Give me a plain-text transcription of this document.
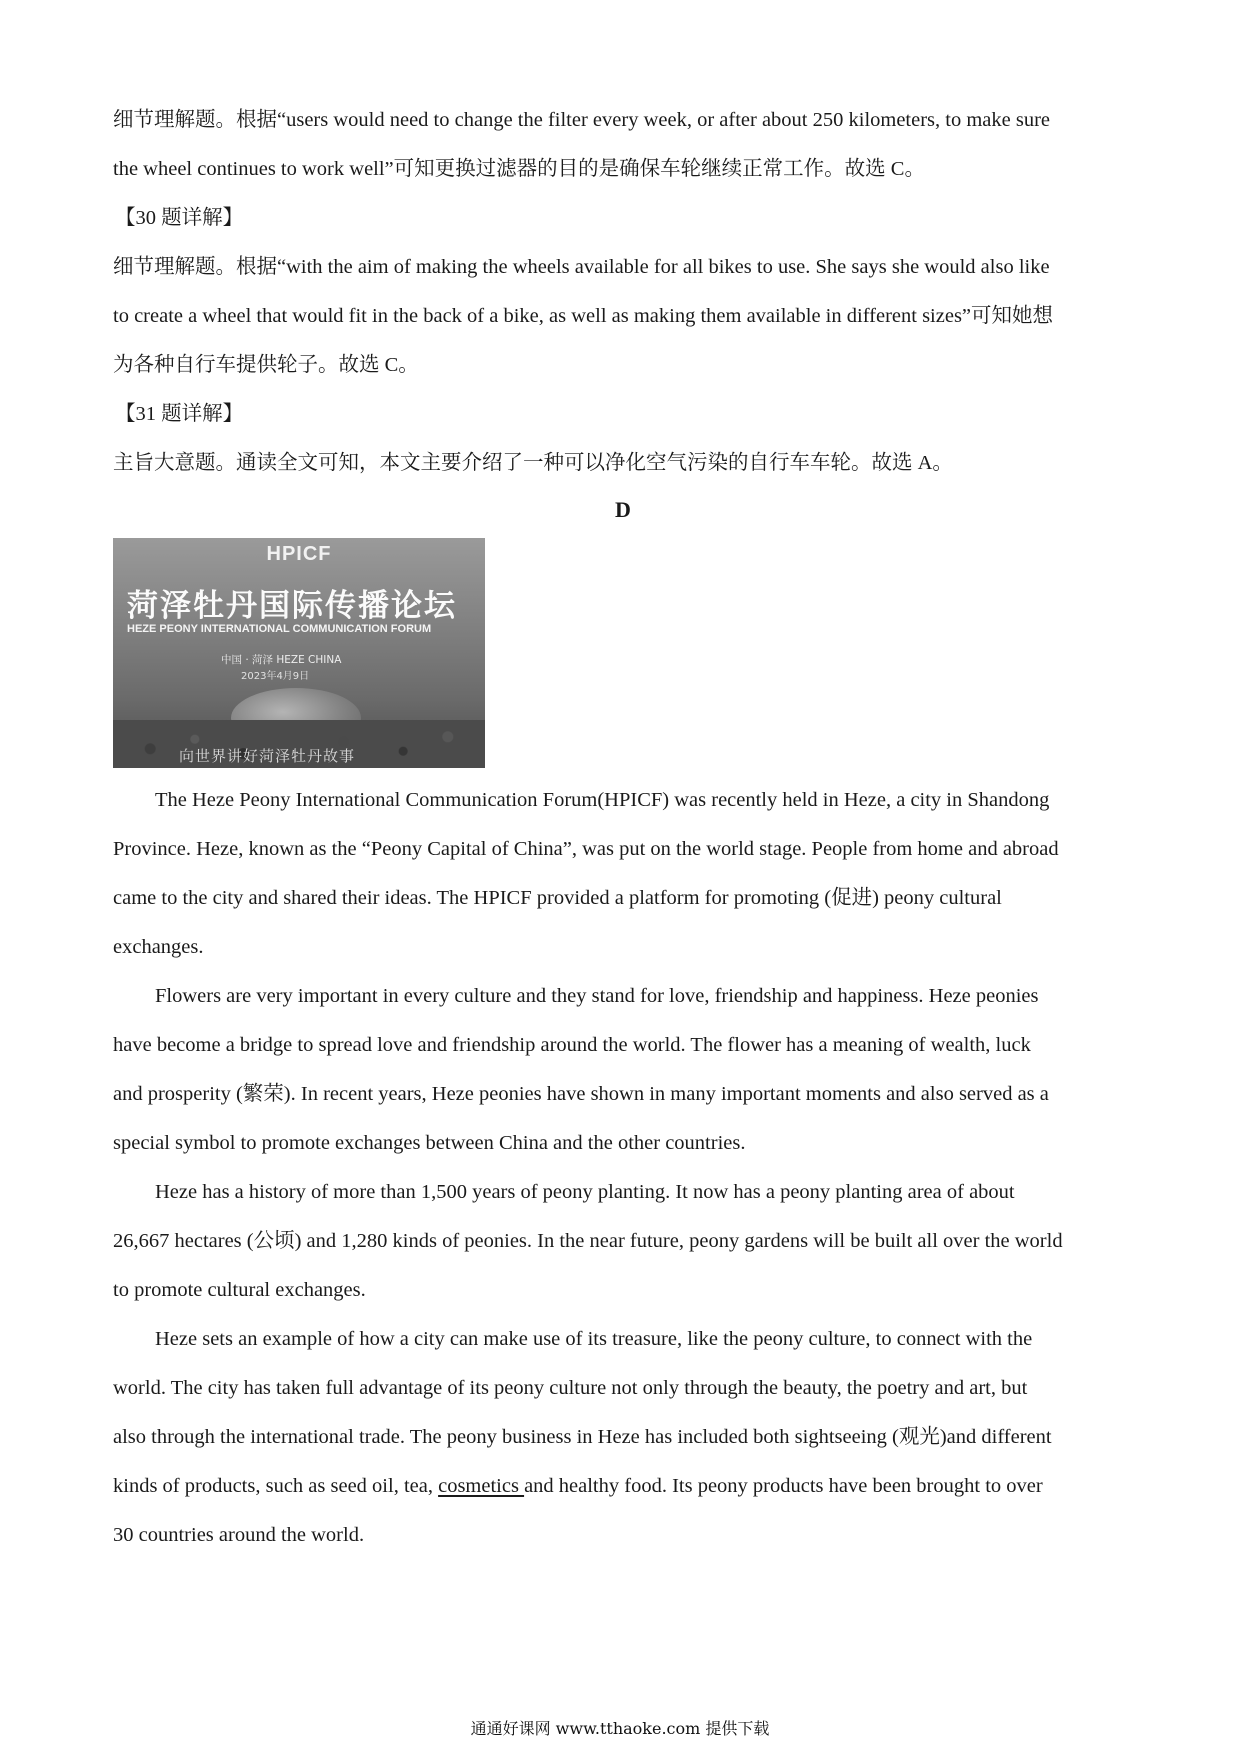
细节理解题。根据“users would need to change the filter every week, or after about 250 kilometers, to make sure

the wheel continues to work well”可知更换过滤器的目的是确保车轮继续正常工作。故选 C。

【30 题详解】

细节理解题。根据“with the aim of making the wheels available for all bikes to use. She says she would also like

to create a wheel that would fit in the back of a bike, as well as making them available in different sizes”可知她想

为各种自行车提供轮子。故选 C。

【31 题详解】

主旨大意题。通读全文可知，本文主要介绍了一种可以净化空气污染的自行车车轮。故选 A。

D

HPICF
菏泽牡丹国际传播论坛
HEZE PEONY INTERNATIONAL COMMUNICATION FORUM
中国 · 菏泽 HEZE CHINA
2023年4月9日
向世界讲好菏泽牡丹故事

The Heze Peony International Communication Forum(HPICF) was recently held in Heze, a city in Shandong

Province. Heze, known as the “Peony Capital of China”, was put on the world stage. People from home and abroad

came to the city and shared their ideas. The HPICF provided a platform for promoting (促进) peony cultural

exchanges.

Flowers are very important in every culture and they stand for love, friendship and happiness. Heze peonies

have become a bridge to spread love and friendship around the world. The flower has a meaning of wealth, luck

and prosperity (繁荣). In recent years, Heze peonies have shown in many important moments and also served as a

special symbol to promote exchanges between China and the other countries.

Heze has a history of more than 1,500 years of peony planting. It now has a peony planting area of about

26,667 hectares (公顷) and 1,280 kinds of peonies. In the near future, peony gardens will be built all over the world

to promote cultural exchanges.

Heze sets an example of how a city can make use of its treasure, like the peony culture, to connect with the

world. The city has taken full advantage of its peony culture not only through the beauty, the poetry and art, but

also through the international trade. The peony business in Heze has included both sightseeing (观光)and different

kinds of products, such as seed oil, tea, cosmetics and healthy food. Its peony products have been brought to over

30 countries around the world.

通通好课网 www.tthaoke.com 提供下载
